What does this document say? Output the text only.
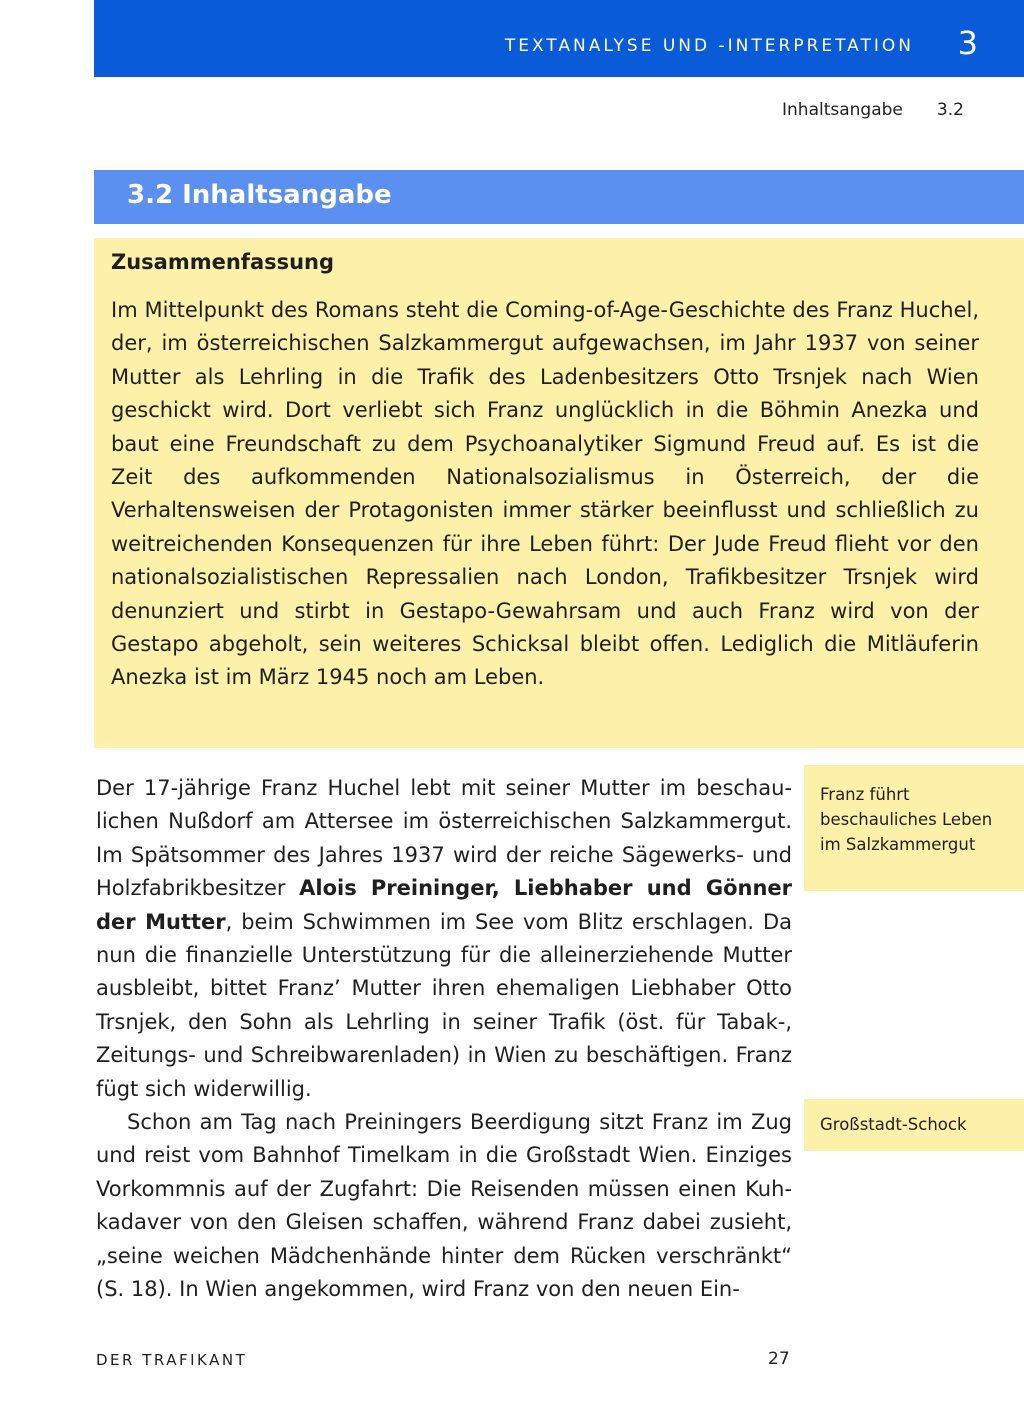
TEXTANALYSE UND -INTERPRETATION 3
Inhaltsangabe 3.2
3.2 Inhaltsangabe
Zusammenfassung

Im Mittelpunkt des Romans steht die Coming-of-Age-Geschichte des Franz Huchel, der, im österreichischen Salzkammergut aufgewachsen, im Jahr 1937 von seiner Mutter als Lehrling in die Trafik des Ladenbesitzers Otto Trsnjek nach Wien geschickt wird. Dort verliebt sich Franz unglücklich in die Böhmin Anezka und baut eine Freundschaft zu dem Psychoanalytiker Sigmund Freud auf. Es ist die Zeit des aufkommenden Nationalsozialismus in Österreich, der die Verhaltensweisen der Protagonisten immer stärker beeinflusst und schließlich zu weitreichenden Konsequenzen für ihre Leben führt: Der Jude Freud flieht vor den nationalsozialistischen Repressalien nach London, Trafikbesitzer Trsnjek wird denunziert und stirbt in Gestapo-Gewahrsam und auch Franz wird von der Gestapo abgeholt, sein weiteres Schicksal bleibt offen. Lediglich die Mitläuferin Anezka ist im März 1945 noch am Leben.

Der 17-jährige Franz Huchel lebt mit seiner Mutter im beschaulichen Nußdorf am Attersee im österreichischen Salzkammergut. Im Spätsommer des Jahres 1937 wird der reiche Sägewerks- und Holzfabrikbesitzer Alois Preininger, Liebhaber und Gönner der Mutter, beim Schwimmen im See vom Blitz erschlagen. Da nun die finanzielle Unterstützung für die alleinerziehende Mutter ausbleibt, bittet Franz’ Mutter ihren ehemaligen Liebhaber Otto Trsnjek, den Sohn als Lehrling in seiner Trafik (öst. für Tabak-, Zeitungs- und Schreibwarenladen) in Wien zu beschäftigen. Franz fügt sich widerwillig.

Schon am Tag nach Preiningers Beerdigung sitzt Franz im Zug und reist vom Bahnhof Timelkam in die Großstadt Wien. Einziges Vorkommnis auf der Zugfahrt: Die Reisenden müssen einen Kuhkadaver von den Gleisen schaffen, während Franz dabei zusieht, „seine weichen Mädchenhände hinter dem Rücken verschränkt“ (S. 18). In Wien angekommen, wird Franz von den neuen Ein-

Franz führt beschauliches Leben im Salzkammergut
Großstadt-Schock
DER TRAFIKANT	27
